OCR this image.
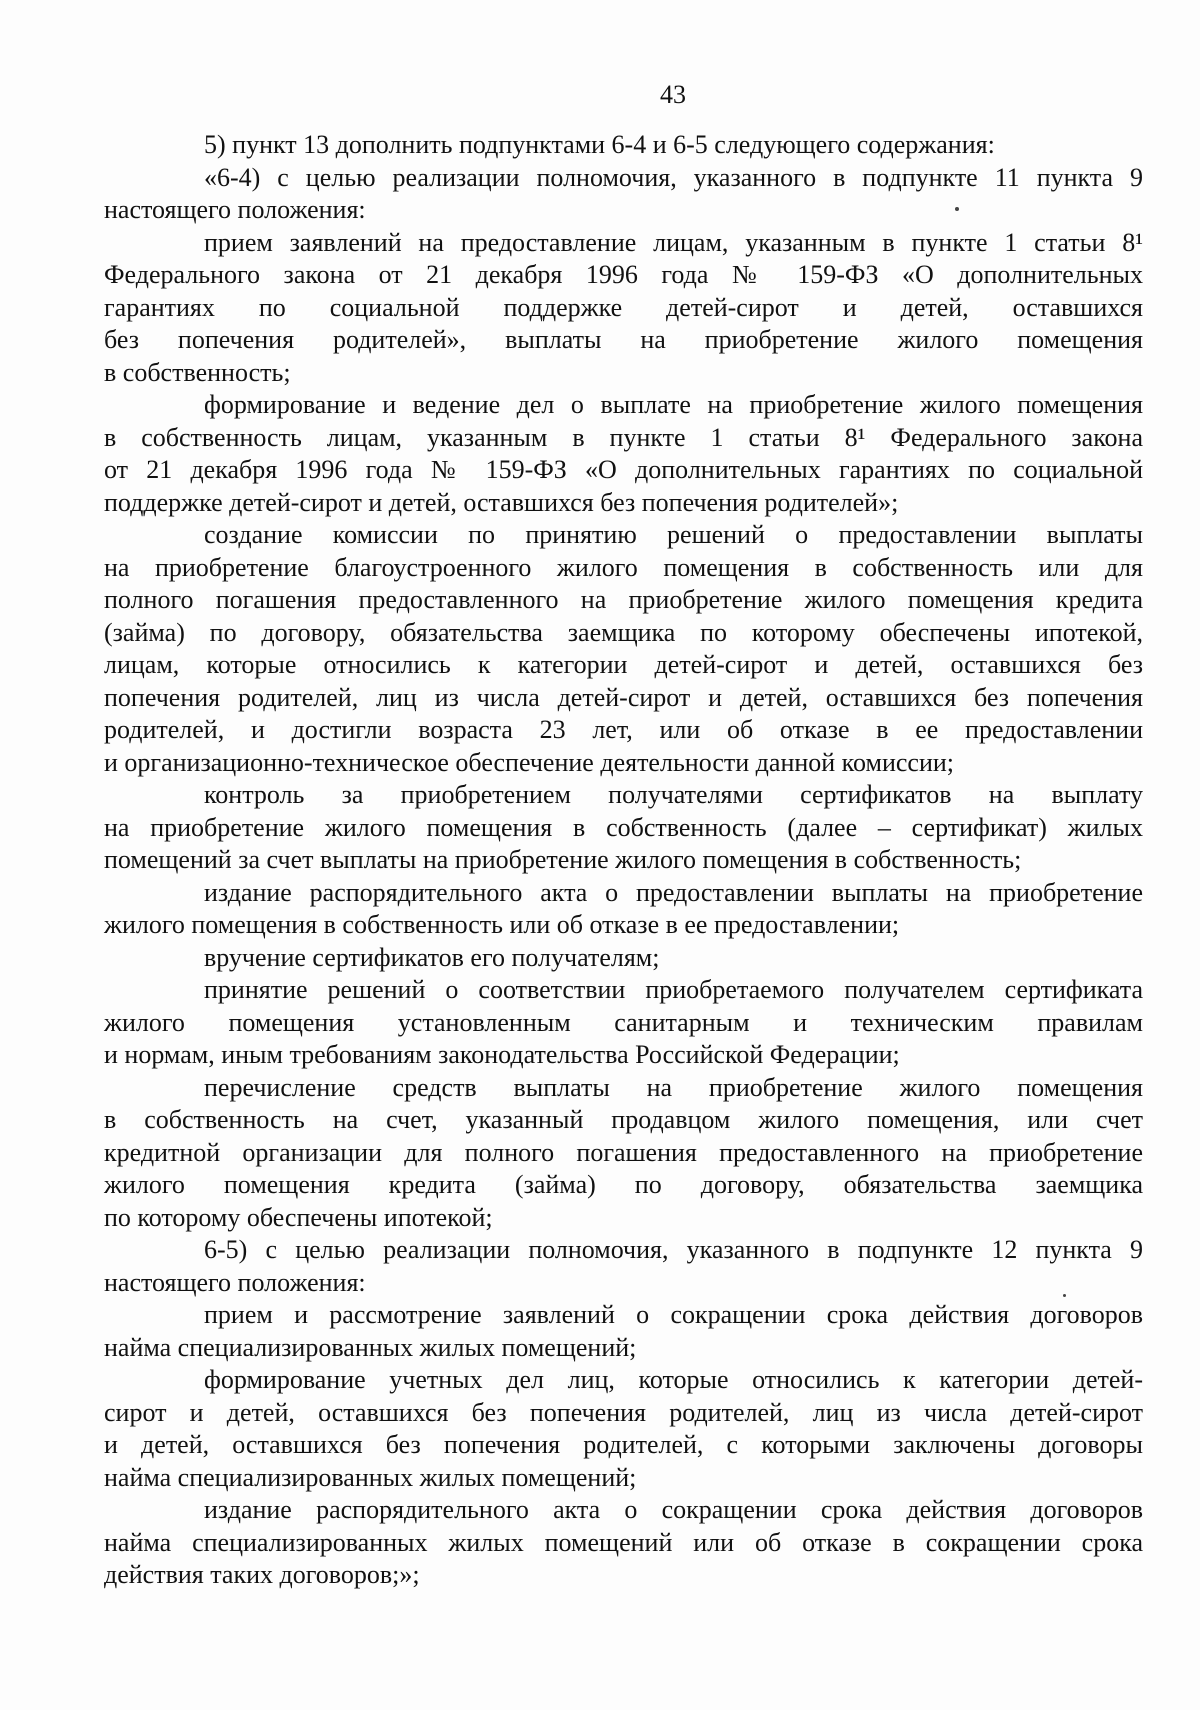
43
5) пункт 13 дополнить подпунктами 6-4 и 6-5 следующего содержания:
«6-4) с целью реализации полномочия, указанного в подпункте 11 пункта 9
настоящего положения:
прием заявлений на предоставление лицам, указанным в пункте 1 статьи 8¹
Федерального закона от 21 декабря 1996 года № 159-ФЗ «О дополнительных
гарантиях по социальной поддержке детей-сирот и детей, оставшихся
без попечения родителей», выплаты на приобретение жилого помещения
в собственность;
формирование и ведение дел о выплате на приобретение жилого помещения
в собственность лицам, указанным в пункте 1 статьи 8¹ Федерального закона
от 21 декабря 1996 года № 159-ФЗ «О дополнительных гарантиях по социальной
поддержке детей-сирот и детей, оставшихся без попечения родителей»;
создание комиссии по принятию решений о предоставлении выплаты
на приобретение благоустроенного жилого помещения в собственность или для
полного погашения предоставленного на приобретение жилого помещения кредита
(займа) по договору, обязательства заемщика по которому обеспечены ипотекой,
лицам, которые относились к категории детей-сирот и детей, оставшихся без
попечения родителей, лиц из числа детей-сирот и детей, оставшихся без попечения
родителей, и достигли возраста 23 лет, или об отказе в ее предоставлении
и организационно-техническое обеспечение деятельности данной комиссии;
контроль за приобретением получателями сертификатов на выплату
на приобретение жилого помещения в собственность (далее – сертификат) жилых
помещений за счет выплаты на приобретение жилого помещения в собственность;
издание распорядительного акта о предоставлении выплаты на приобретение
жилого помещения в собственность или об отказе в ее предоставлении;
вручение сертификатов его получателям;
принятие решений о соответствии приобретаемого получателем сертификата
жилого помещения установленным санитарным и техническим правилам
и нормам, иным требованиям законодательства Российской Федерации;
перечисление средств выплаты на приобретение жилого помещения
в собственность на счет, указанный продавцом жилого помещения, или счет
кредитной организации для полного погашения предоставленного на приобретение
жилого помещения кредита (займа) по договору, обязательства заемщика
по которому обеспечены ипотекой;
6-5) с целью реализации полномочия, указанного в подпункте 12 пункта 9
настоящего положения:
прием и рассмотрение заявлений о сокращении срока действия договоров
найма специализированных жилых помещений;
формирование учетных дел лиц, которые относились к категории детей-
сирот и детей, оставшихся без попечения родителей, лиц из числа детей-сирот
и детей, оставшихся без попечения родителей, с которыми заключены договоры
найма специализированных жилых помещений;
издание распорядительного акта о сокращении срока действия договоров
найма специализированных жилых помещений или об отказе в сокращении срока
действия таких договоров;»;
